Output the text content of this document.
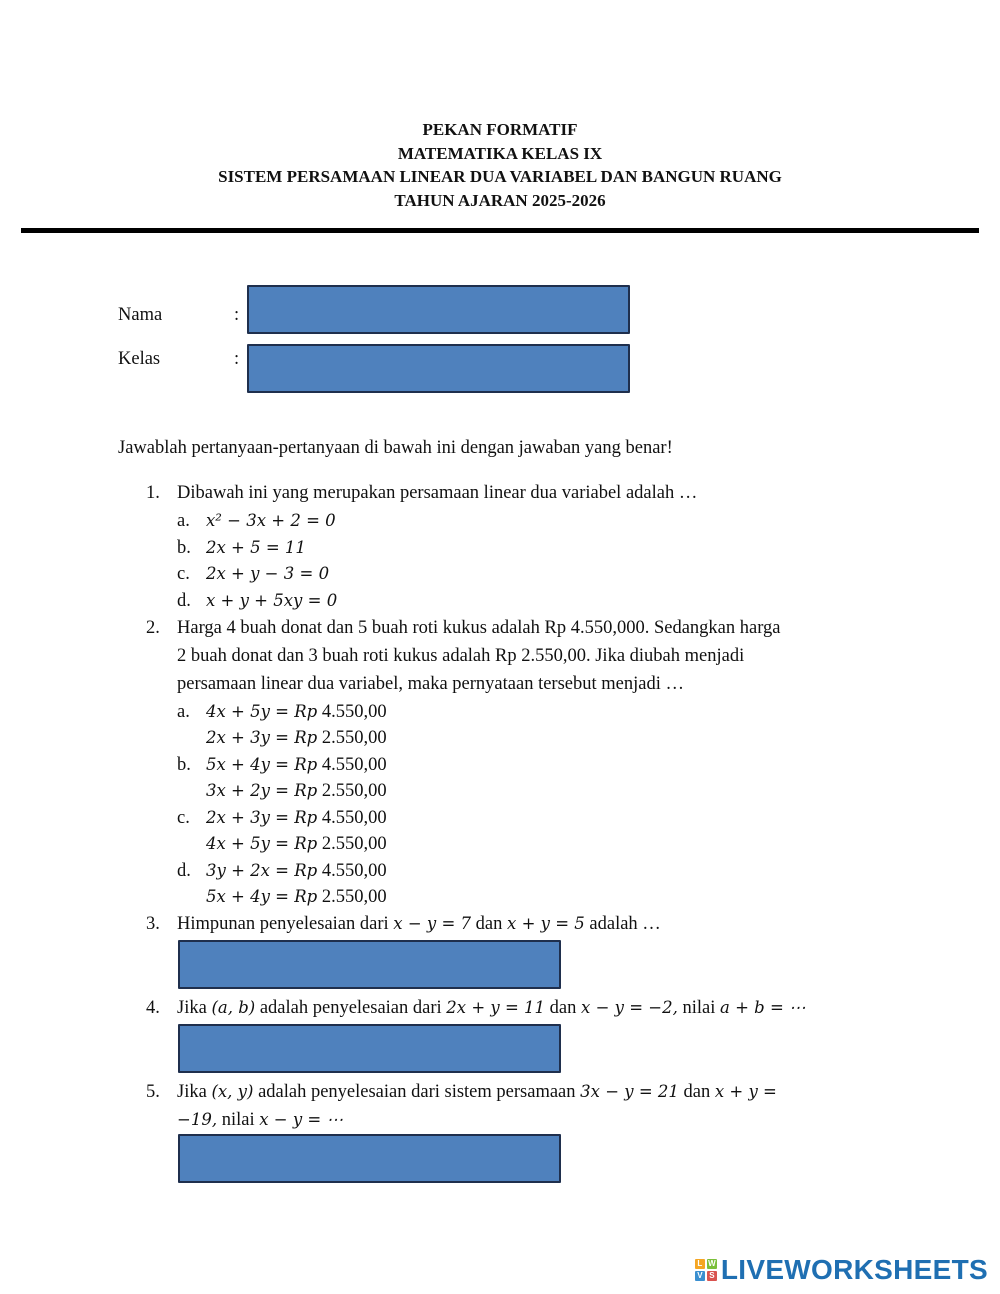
PEKAN FORMATIF
MATEMATIKA KELAS IX
SISTEM PERSAMAAN LINEAR DUA VARIABEL DAN BANGUN RUANG
TAHUN AJARAN 2025-2026
Nama	:
Kelas	:
Jawablah pertanyaan-pertanyaan di bawah ini dengan jawaban yang benar!
1. Dibawah ini yang merupakan persamaan linear dua variabel adalah …
a. x² − 3x + 2 = 0
b. 2x + 5 = 11
c. 2x + y − 3 = 0
d. x + y + 5xy = 0
2. Harga 4 buah donat dan 5 buah roti kukus adalah Rp 4.550,000. Sedangkan harga
2 buah donat dan 3 buah roti kukus adalah Rp 2.550,00. Jika diubah menjadi
persamaan linear dua variabel, maka pernyataan tersebut menjadi …
a. 4x + 5y = Rp 4.550,00
2x + 3y = Rp 2.550,00
b. 5x + 4y = Rp 4.550,00
3x + 2y = Rp 2.550,00
c. 2x + 3y = Rp 4.550,00
4x + 5y = Rp 2.550,00
d. 3y + 2x = Rp 4.550,00
5x + 4y = Rp 2.550,00
3. Himpunan penyelesaian dari x − y = 7 dan x + y = 5 adalah …
4. Jika (a, b) adalah penyelesaian dari 2x + y = 11 dan x − y = −2, nilai a + b = ⋯
5. Jika (x, y) adalah penyelesaian dari sistem persamaan 3x − y = 21 dan x + y =
−19, nilai x − y = ⋯
L W
V S LIVEWORKSHEETS
